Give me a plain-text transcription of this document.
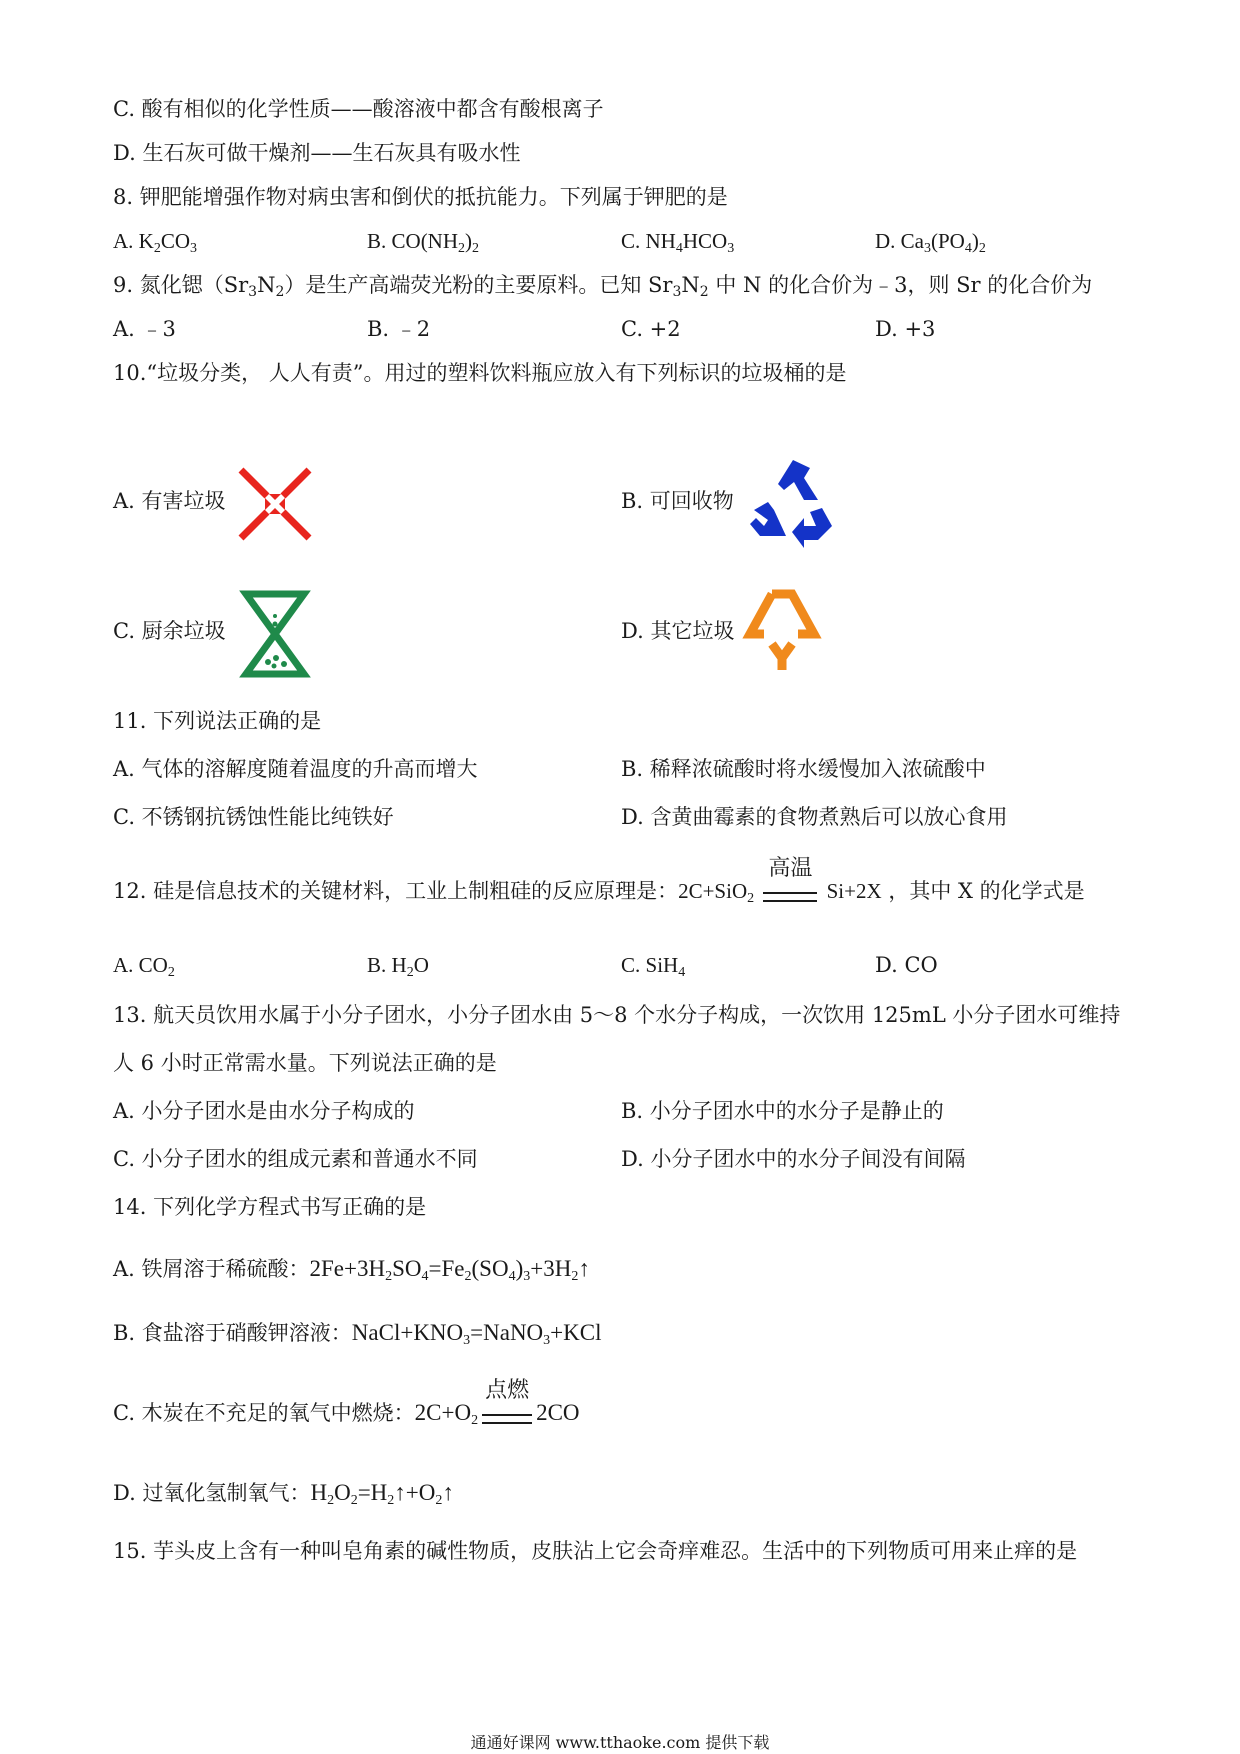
C. 酸有相似的化学性质——酸溶液中都含有酸根离子
D. 生石灰可做干燥剂——生石灰具有吸水性
8. 钾肥能增强作物对病虫害和倒伏的抵抗能力。下列属于钾肥的是
A. $K_2CO_3$	B. $CO(NH_2)_2$	C. $NH_4HCO_3$	D. $Ca_3(PO_4)_2$
9. 氮化锶$(Sr_3N_2)$是生产高端荧光粉的主要原料。已知 $Sr_3N_2$ 中 N 的化合价为﹣3，则 Sr 的化合价为
A. ﹣3	B. ﹣2	C. +2	D. +3
10.“垃圾分类， 人人有责”。用过的塑料饮料瓶应放入有下列标识的垃圾桶的是
A. 有害垃圾	B. 可回收物
C. 厨余垃圾	D. 其它垃圾
11. 下列说法正确的是
A. 气体的溶解度随着温度的升高而增大	B. 稀释浓硫酸时将水缓慢加入浓硫酸中
C. 不锈钢抗锈蚀性能比纯铁好	D. 含黄曲霉素的食物煮熟后可以放心食用
12. 硅是信息技术的关键材料，工业上制粗硅的反应原理是：2C+SiO$_2$
高温
Si+2X ，其中 X 的化学式是
A. $CO_2$	B. $H_2O$	C. SiH$_4$	D. CO
13. 航天员饮用水属于小分子团水，小分子团水由 5～8 个水分子构成，一次饮用 125mL 小分子团水可维持
人 6 小时正常需水量。下列说法正确的是
A. 小分子团水是由水分子构成的	B. 小分子团水中的水分子是静止的
C. 小分子团水的组成元素和普通水不同	D. 小分子团水中的水分子间没有间隔
14. 下列化学方程式书写正确的是
A. 铁屑溶于稀硫酸：$2Fe+3H_2SO_4=Fe_2(SO_4)_3+3H_2↑$
B. 食盐溶于硝酸钾溶液：$NaCl+KNO_3=NaNO_3+KCl$
C. 木炭在不充足的氧气中燃烧：$2C+O_2$
点燃
2CO
D. 过氧化氢制氧气：$H_2O_2=H_2↑+O_2↑$
15. 芋头皮上含有一种叫皂角素的碱性物质，皮肤沾上它会奇痒难忍。生活中的下列物质可用来止痒的是
通通好课网 www.tthaoke.com 提供下载
